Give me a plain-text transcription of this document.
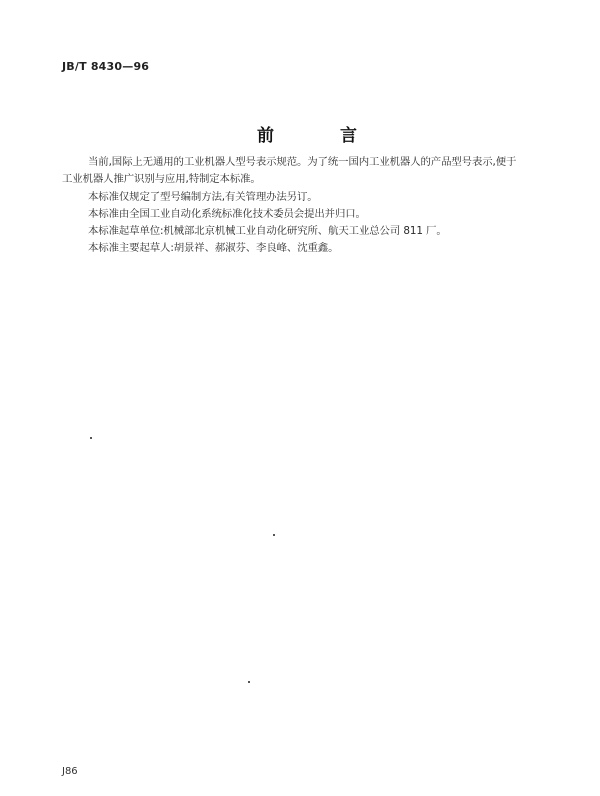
JB/T 8430—96
前	言
当前,国际上无通用的工业机器人型号表示规范。为了统一国内工业机器人的产品型号表示,便于
工业机器人推广识别与应用,特制定本标准。
本标准仅规定了型号编制方法,有关管理办法另订。
本标准由全国工业自动化系统标准化技术委员会提出并归口。
本标准起草单位:机械部北京机械工业自动化研究所、航天工业总公司 811 厂。
本标准主要起草人:胡景祥、郝淑芬、李良峰、沈重鑫。
J86
